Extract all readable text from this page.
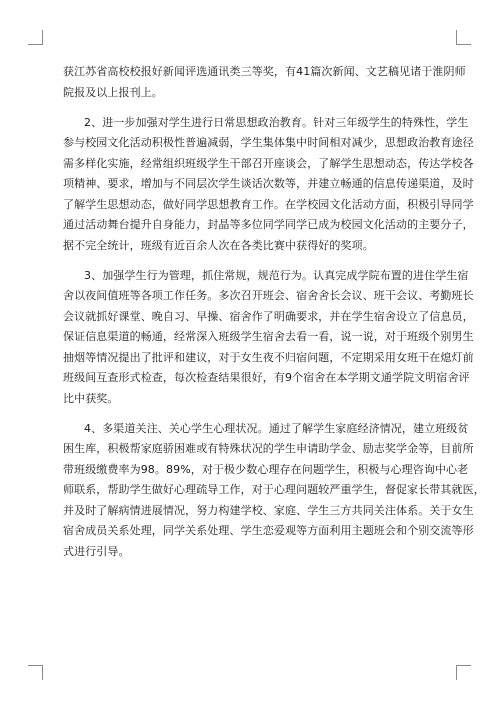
获江苏省高校校报好新闻评选通讯类三等奖，有41篇次新闻、文艺稿见诸于淮阴师
院报及以上报刊上。

2、进一步加强对学生进行日常思想政治教育。针对三年级学生的特殊性，学生
参与校园文化活动积极性普遍减弱，学生集体集中时间相对减少，思想政治教育途径
需多样化实施，经常组织班级学生干部召开座谈会，了解学生思想动态，传达学校各
项精神、要求，增加与不同层次学生谈话次数等，并建立畅通的信息传递渠道，及时
了解学生思想动态，做好同学思想教育工作。在学校园文化活动方面，积极引导同学
通过活动舞台提升自身能力，封晶等多位同学同学已成为校园文化活动的主要分子，
据不完全统计，班级有近百余人次在各类比赛中获得好的奖项。

3、加强学生行为管理，抓住常规，规范行为。认真完成学院布置的进住学生宿
舍以夜间值班等各项工作任务。多次召开班会、宿舍舍长会议、班干会议、考勤班长
会议就抓好课堂、晚自习、早操、宿舍作了明确要求，并在学生宿舍设立了信息员，
保证信息渠道的畅通，经常深入班级学生宿舍去看一看，说一说，对于班级个别男生
抽烟等情况提出了批评和建议，对于女生夜不归宿问题，不定期采用女班干在熄灯前
班级间互查形式检查，每次检查结果很好，有9个宿舍在本学期文通学院文明宿舍评
比中获奖。

4、多渠道关注、关心学生心理状况。通过了解学生家庭经济情况，建立班级贫
困生库，积极帮家庭骄困难或有特殊状况的学生申请助学金、励志奖学金等，目前所
带班级缴费率为98。89%，对于极少数心理存在问题学生，积极与心理咨询中心老
师联系，帮助学生做好心理疏导工作，对于心理问题较严重学生，督促家长带其就医，
并及时了解病情进展情况，努力构建学校、家庭、学生三方共同关注体系。关于女生
宿舍成员关系处理，同学关系处理、学生恋爱观等方面利用主题班会和个别交流等形
式进行引导。
